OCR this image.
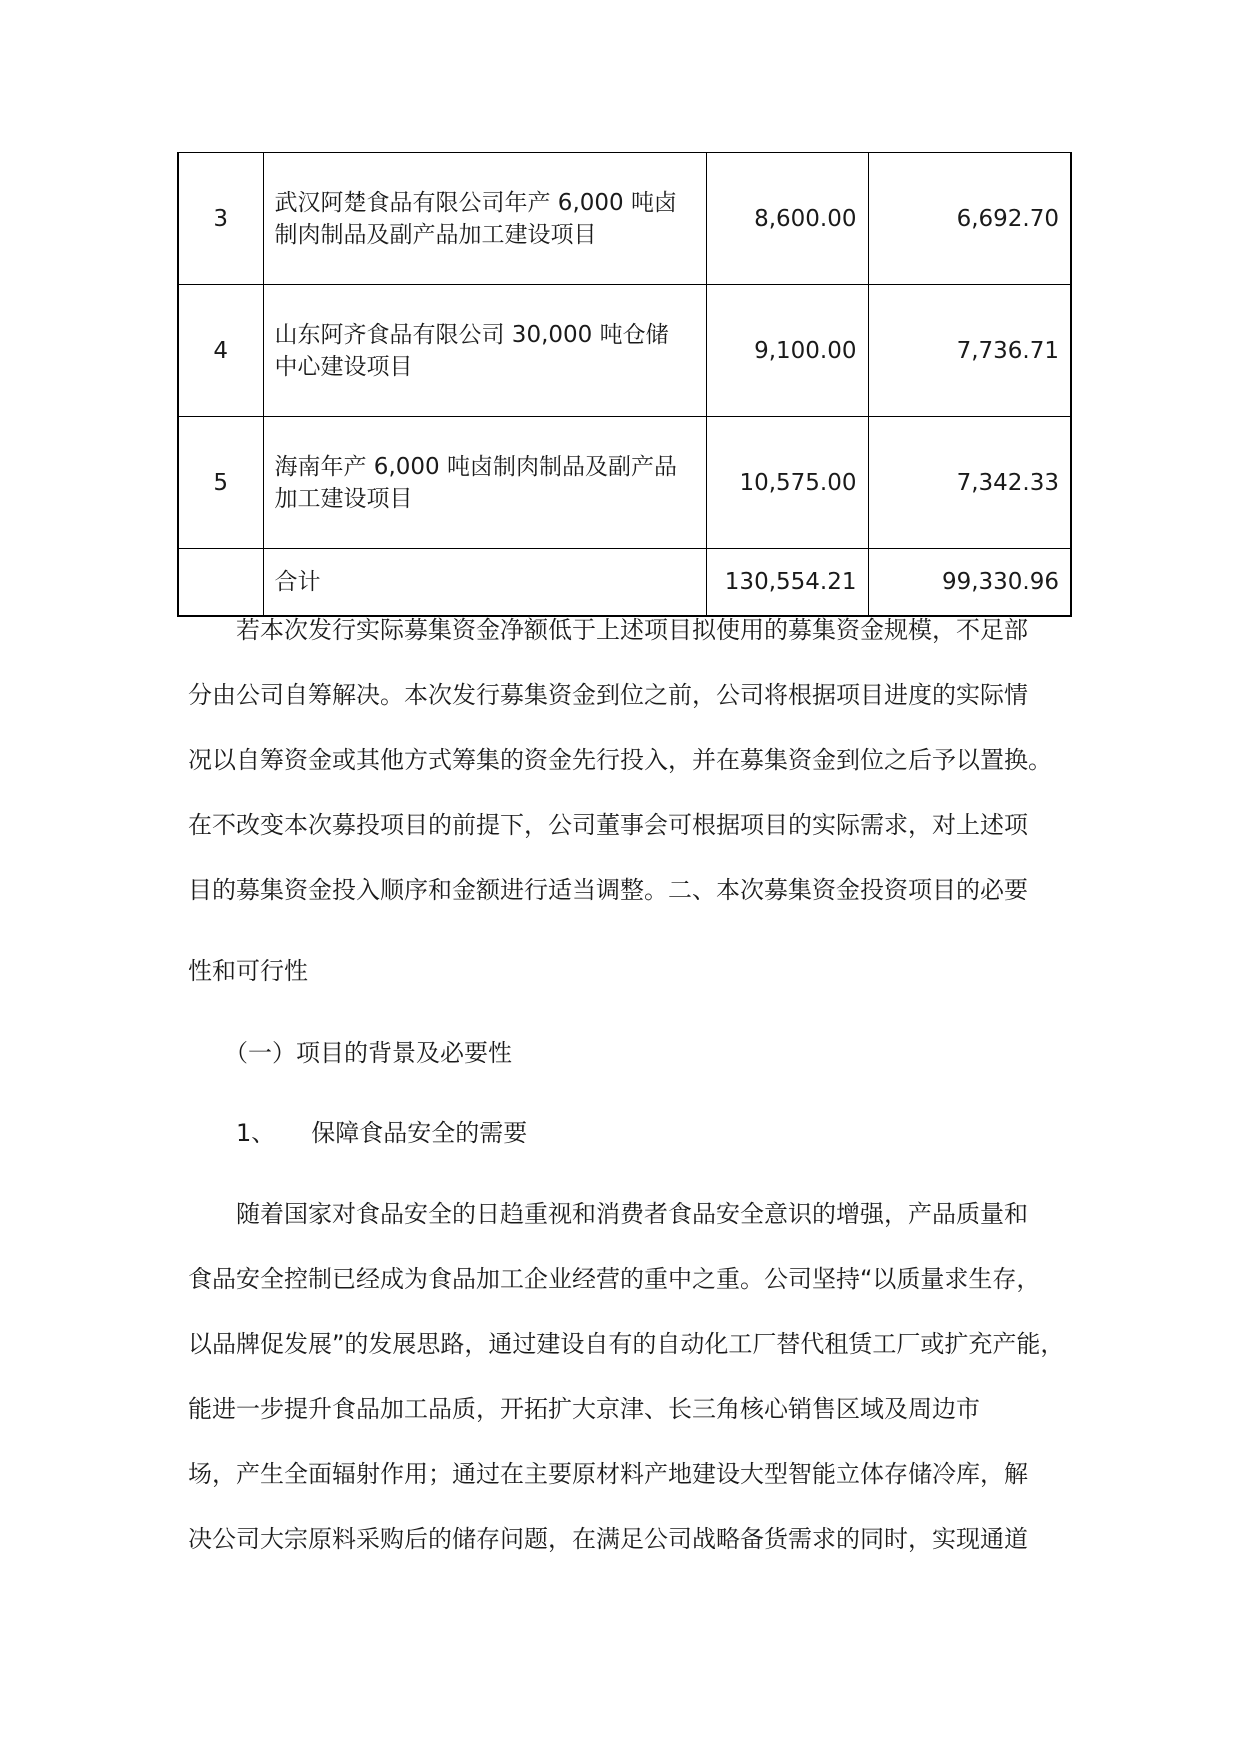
3	武汉阿楚食品有限公司年产 6,000 吨卤
制肉制品及副产品加工建设项目	8,600.00	6,692.70
4	山东阿齐食品有限公司 30,000 吨仓储
中心建设项目	9,100.00	7,736.71
5	海南年产 6,000 吨卤制肉制品及副产品
加工建设项目	10,575.00	7,342.33
	合计	130,554.21	99,330.96

　　若本次发行实际募集资金净额低于上述项目拟使用的募集资金规模，不足部

分由公司自筹解决。本次发行募集资金到位之前，公司将根据项目进度的实际情

况以自筹资金或其他方式筹集的资金先行投入，并在募集资金到位之后予以置换。

在不改变本次募投项目的前提下，公司董事会可根据项目的实际需求，对上述项

目的募集资金投入顺序和金额进行适当调整。二、本次募集资金投资项目的必要

性和可行性

　　（一）项目的背景及必要性

　　1、　　保障食品安全的需要

　　随着国家对食品安全的日趋重视和消费者食品安全意识的增强，产品质量和

食品安全控制已经成为食品加工企业经营的重中之重。公司坚持“以质量求生存，

以品牌促发展”的发展思路，通过建设自有的自动化工厂替代租赁工厂或扩充产能，

能进一步提升食品加工品质，开拓扩大京津、长三角核心销售区域及周边市

场，产生全面辐射作用；通过在主要原材料产地建设大型智能立体存储冷库，解

决公司大宗原料采购后的储存问题，在满足公司战略备货需求的同时，实现通道
